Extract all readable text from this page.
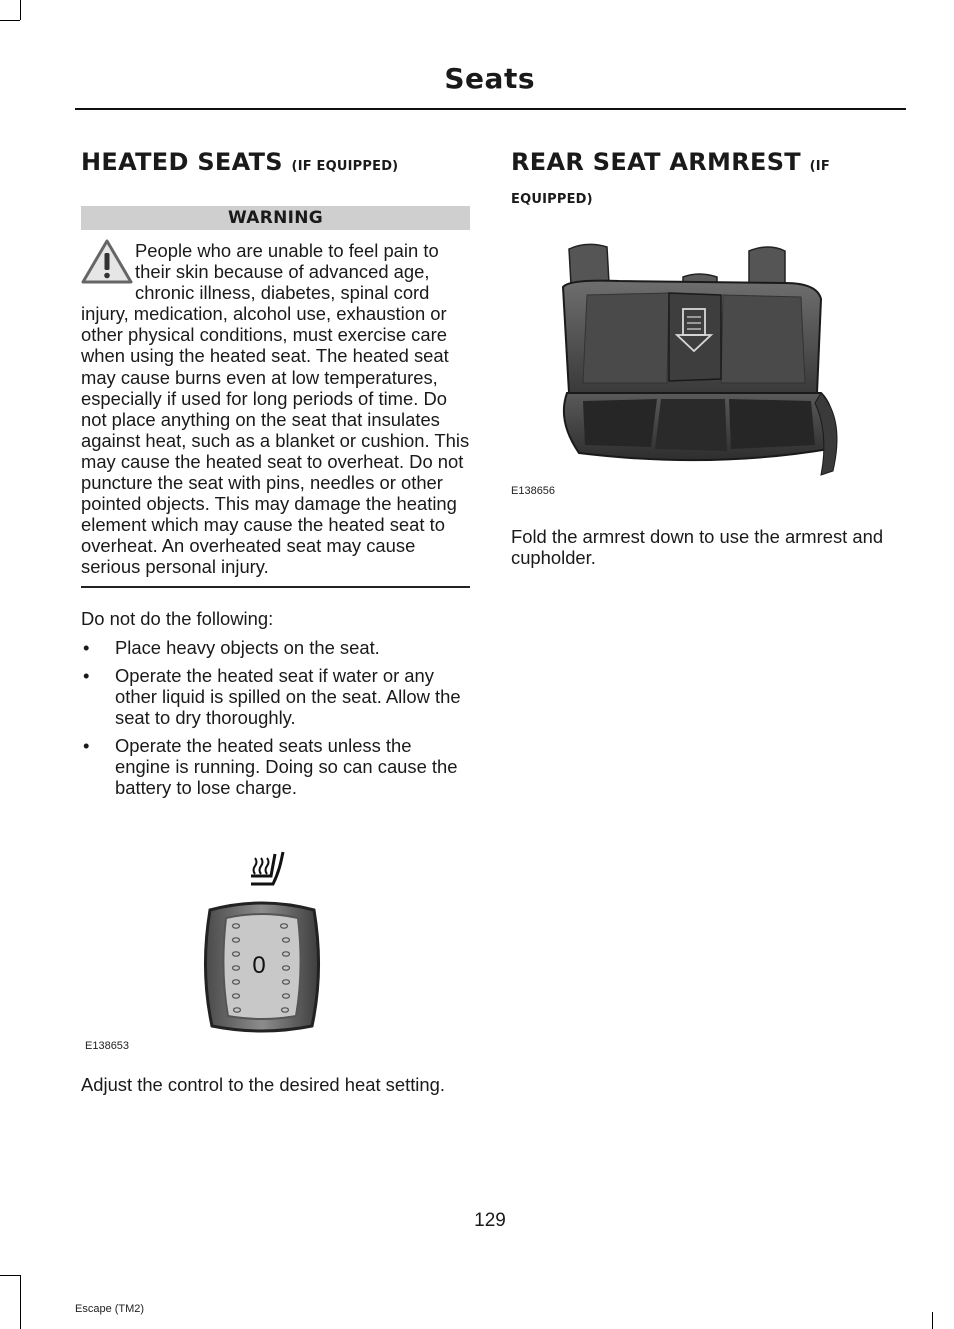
Seats
HEATED SEATS (IF EQUIPPED)
WARNING
People who are unable to feel pain to their skin because of advanced age, chronic illness, diabetes, spinal cord injury, medication, alcohol use, exhaustion or other physical conditions, must exercise care when using the heated seat. The heated seat may cause burns even at low temperatures, especially if used for long periods of time. Do not place anything on the seat that insulates against heat, such as a blanket or cushion. This may cause the heated seat to overheat. Do not puncture the seat with pins, needles or other pointed objects. This may damage the heating element which may cause the heated seat to overheat. An overheated seat may cause serious personal injury.

Do not do the following:

• Place heavy objects on the seat.
• Operate the heated seat if water or any other liquid is spilled on the seat. Allow the seat to dry thoroughly.
• Operate the heated seats unless the engine is running. Doing so can cause the battery to lose charge.
0
E138653

Adjust the control to the desired heat setting.

REAR SEAT ARMREST (IF
EQUIPPED)
E138656

Fold the armrest down to use the armrest and cupholder.

129
Escape (TM2)
